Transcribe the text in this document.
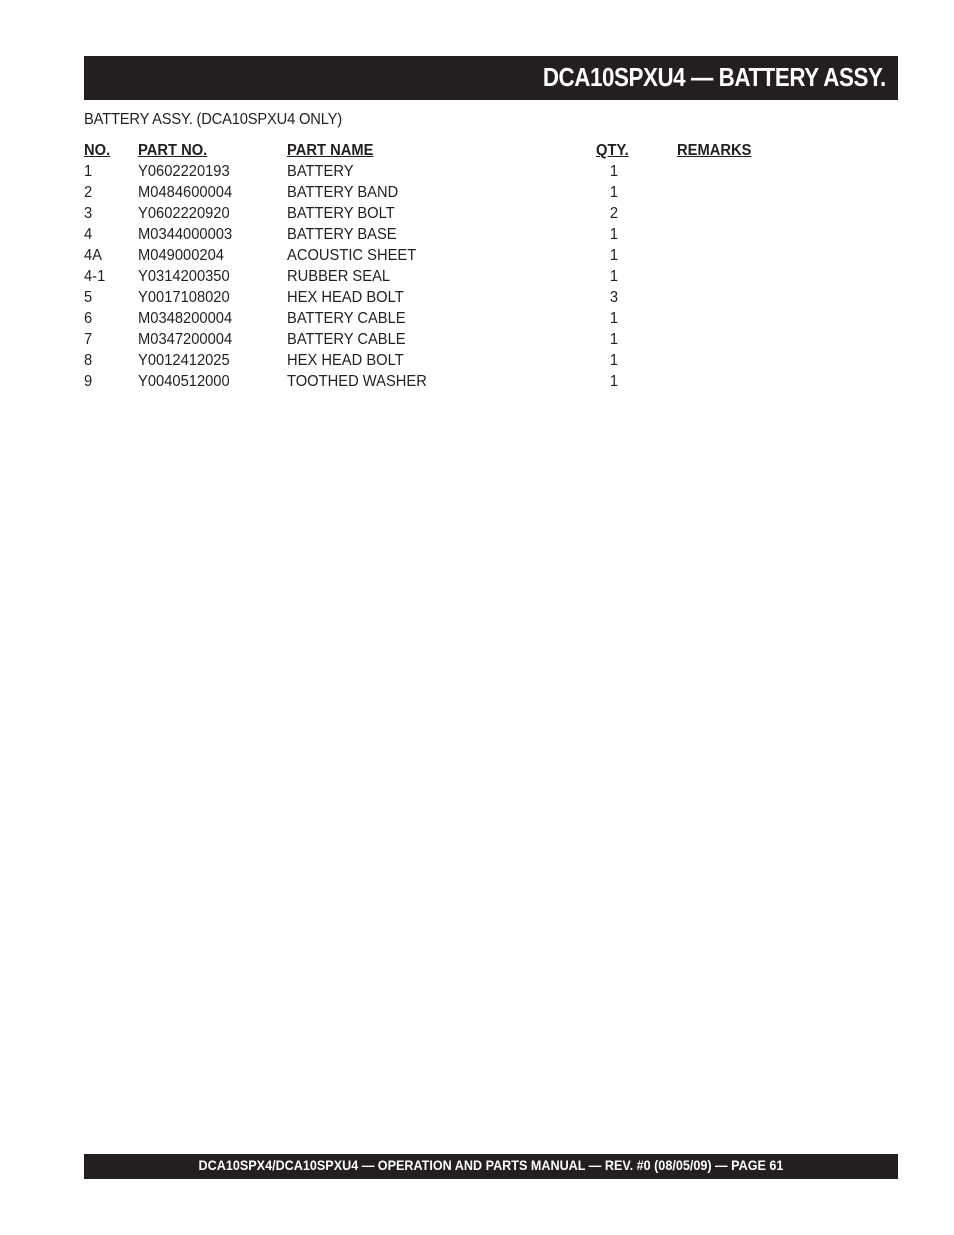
DCA10SPXU4 — BATTERY ASSY.
BATTERY ASSY. (DCA10SPXU4 ONLY)
NO. PART NO.	PART NAME	QTY.	REMARKS
1	Y0602220193	BATTERY	1
2	M0484600004	BATTERY BAND	1
3	Y0602220920	BATTERY BOLT	2
4	M0344000003	BATTERY BASE	1
4A M049000204	ACOUSTIC SHEET	1
4-1 Y0314200350	RUBBER SEAL	1
5	Y0017108020	HEX HEAD BOLT	3
6	M0348200004	BATTERY CABLE	1
7	M0347200004	BATTERY CABLE	1
8	Y0012412025	HEX HEAD BOLT	1
9	Y0040512000	TOOTHED WASHER	1
DCA10SPX4/DCA10SPXU4 — OPERATION AND PARTS MANUAL — REV. #0 (08/05/09) — PAGE 61
